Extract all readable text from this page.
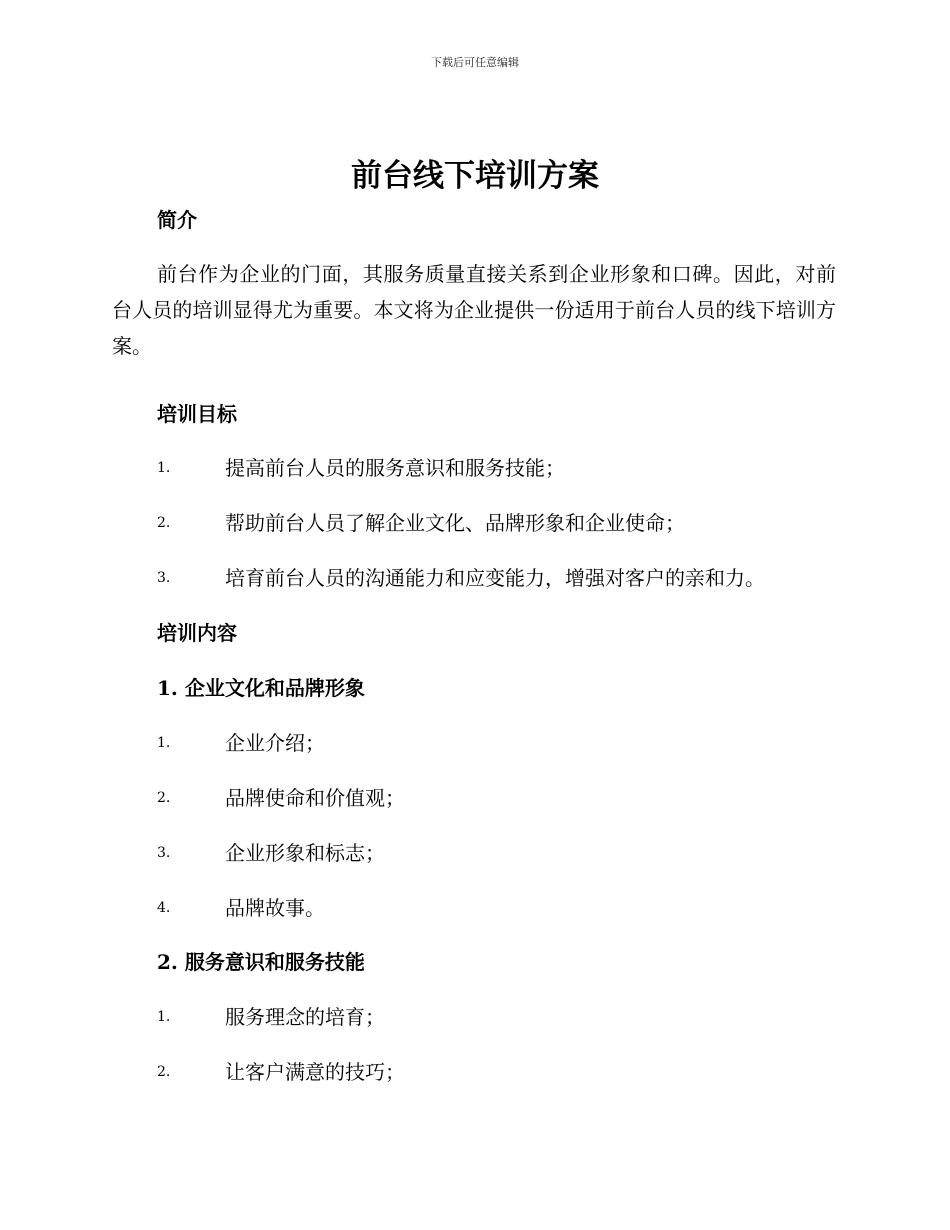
下载后可任意编辑
前台线下培训方案
简介

前台作为企业的门面，其服务质量直接关系到企业形象和口碑。因此，对前台人员的培训显得尤为重要。本文将为企业提供一份适用于前台人员的线下培训方案。

培训目标
1.	提高前台人员的服务意识和服务技能；
2.	帮助前台人员了解企业文化、品牌形象和企业使命；
3.	培育前台人员的沟通能力和应变能力，增强对客户的亲和力。
培训内容
1. 企业文化和品牌形象
1.	企业介绍；
2.	品牌使命和价值观；
3.	企业形象和标志；
4.	品牌故事。
2. 服务意识和服务技能
1.	服务理念的培育；
2.	让客户满意的技巧；
